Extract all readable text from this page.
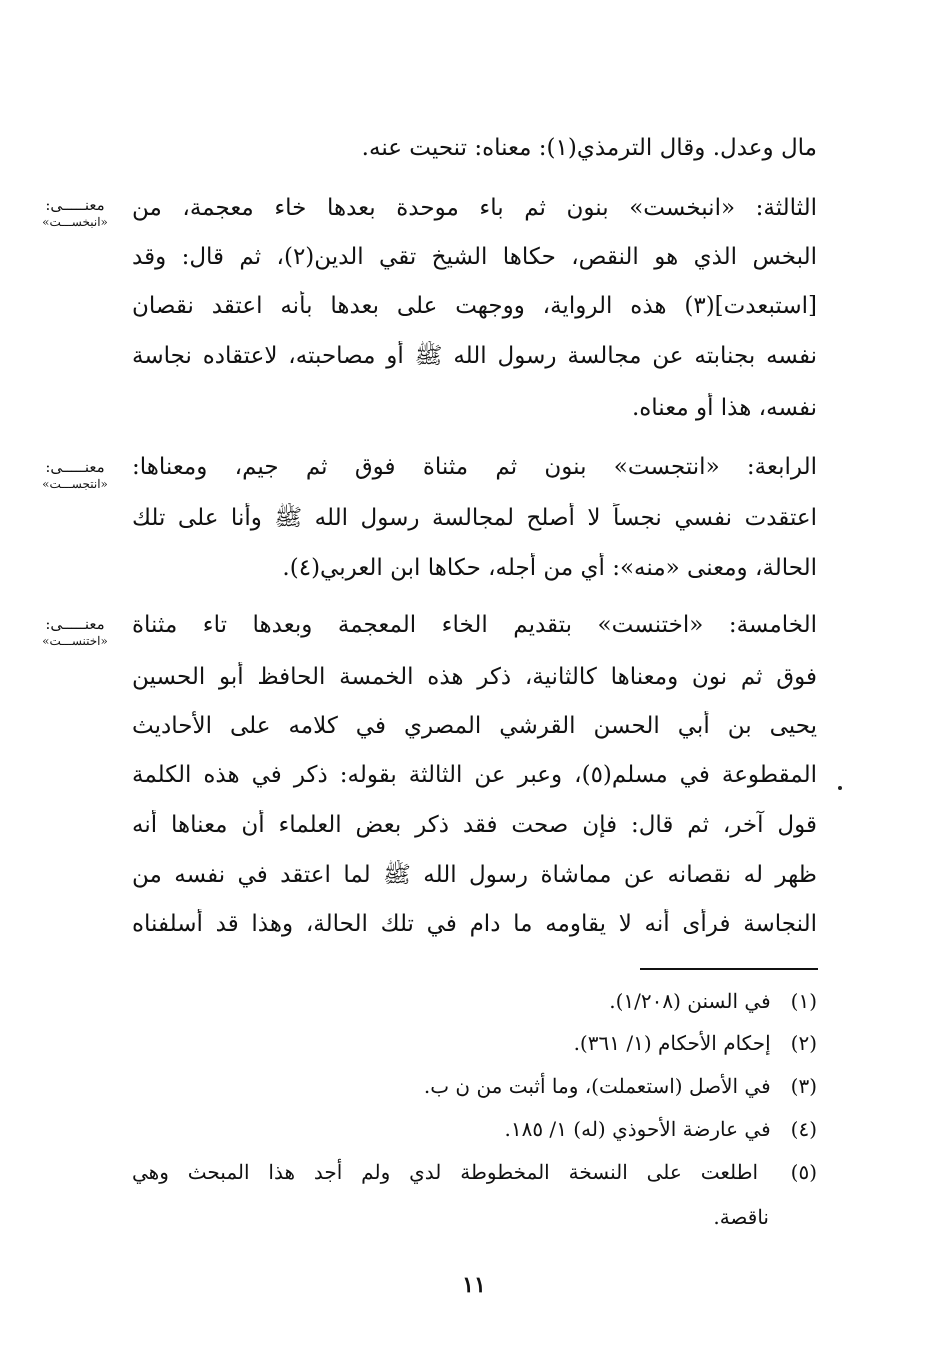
مال وعدل. وقال الترمذي(١): معناه: تنحيت عنه.
الثالثة: «انبخست» بنون ثم باء موحدة بعدها خاء معجمة، من
البخس الذي هو النقص، حكاها الشيخ تقي الدين(٢)، ثم قال: وقد
[استبعدت](٣) هذه الرواية، ووجهت على بعدها بأنه اعتقد نقصان
نفسه بجنابته عن مجالسة رسول الله ﷺ أو مصاحبته، لاعتقاده نجاسة
نفسه، هذا أو معناه.
الرابعة: «انتجست» بنون ثم مثناة فوق ثم جيم، ومعناها:
اعتقدت نفسي نجساً لا أصلح لمجالسة رسول الله ﷺ وأنا على تلك
الحالة، ومعنى «منه»: أي من أجله، حكاها ابن العربي(٤).
الخامسة: «اختنست» بتقديم الخاء المعجمة وبعدها تاء مثناة
فوق ثم نون ومعناها كالثانية، ذكر هذه الخمسة الحافظ أبو الحسين
يحيى بن أبي الحسن القرشي المصري في كلامه على الأحاديث
المقطوعة في مسلم(٥)، وعبر عن الثالثة بقوله: ذكر في هذه الكلمة
قول آخر، ثم قال: فإن صحت فقد ذكر بعض العلماء أن معناها أنه
ظهر له نقصانه عن مماشاة رسول الله ﷺ لما اعتقد في نفسه من
النجاسة فرأى أنه لا يقاومه ما دام في تلك الحالة، وهذا قد أسلفناه
معنـــــى:
«انبخســـت»
معنـــــى:
«انتجســـت»
معنـــــى:
«اختنســـت»
(١) في السنن (١/٢٠٨).
(٢) إحكام الأحكام (١/ ٣٦١).
(٣) في الأصل (استعملت)، وما أثبت من ن ب.
(٤) في عارضة الأحوذي (له) ١/ ١٨٥.
(٥) اطلعت على النسخة المخطوطة لدي ولم أجد هذا المبحث وهي
ناقصة.
١١
